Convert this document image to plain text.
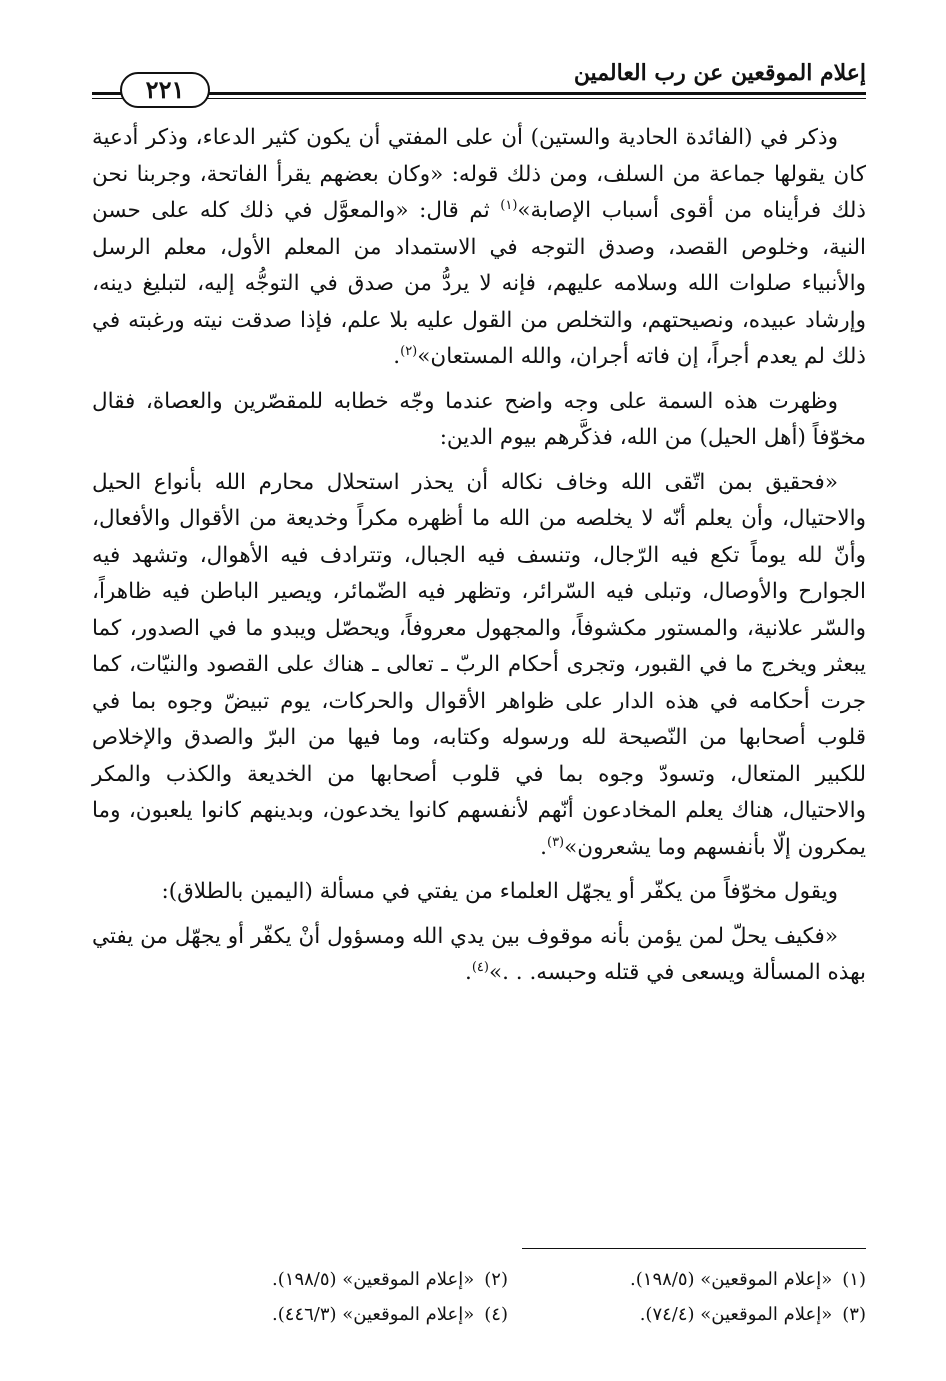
إعلام الموقعين عن رب العالمين
٢٢١

وذكر في (الفائدة الحادية والستين) أن على المفتي أن يكون كثير الدعاء، وذكر أدعية كان يقولها جماعة من السلف، ومن ذلك قوله: «وكان بعضهم يقرأ الفاتحة، وجربنا نحن ذلك فرأيناه من أقوى أسباب الإصابة»$^{(١)}$ ثم قال: «والمعوَّل في ذلك كله على حسن النية، وخلوص القصد، وصدق التوجه في الاستمداد من المعلم الأول، معلم الرسل والأنبياء صلوات الله وسلامه عليهم، فإنه لا يردُّ من صدق في التوجُّه إليه، لتبليغ دينه، وإرشاد عبيده، ونصيحتهم، والتخلص من القول عليه بلا علم، فإذا صدقت نيته ورغبته في ذلك لم يعدم أجراً، إن فاته أجران، والله المستعان»$^{(٢)}$.

وظهرت هذه السمة على وجه واضح عندما وجّه خطابه للمقصّرين والعصاة، فقال مخوّفاً (أهل الحيل) من الله، فذكَّرهم بيوم الدين:

«فحقيق بمن اتّقى الله وخاف نكاله أن يحذر استحلال محارم الله بأنواع الحيل والاحتيال، وأن يعلم أنّه لا يخلصه من الله ما أظهره مكراً وخديعة من الأقوال والأفعال، وأنّ لله يوماً تكع فيه الرّجال، وتنسف فيه الجبال، وتترادف فيه الأهوال، وتشهد فيه الجوارح والأوصال، وتبلى فيه السّرائر، وتظهر فيه الضّمائر، ويصير الباطن فيه ظاهراً، والسّر علانية، والمستور مكشوفاً، والمجهول معروفاً، ويحصّل ويبدو ما في الصدور، كما يبعثر ويخرج ما في القبور، وتجرى أحكام الربّ ـ تعالى ـ هناك على القصود والنيّات، كما جرت أحكامه في هذه الدار على ظواهر الأقوال والحركات، يوم تبيضّ وجوه بما في قلوب أصحابها من النّصيحة لله ورسوله وكتابه، وما فيها من البرّ والصدق والإخلاص للكبير المتعال، وتسودّ وجوه بما في قلوب أصحابها من الخديعة والكذب والمكر والاحتيال، هناك يعلم المخادعون أنّهم لأنفسهم كانوا يخدعون، وبدينهم كانوا يلعبون، وما يمكرون إلّا بأنفسهم وما يشعرون»$^{(٣)}$.

ويقول مخوّفاً من يكفّر أو يجهّل العلماء من يفتي في مسألة (اليمين بالطلاق):

«فكيف يحلّ لمن يؤمن بأنه موقوف بين يدي الله ومسؤول أنْ يكفّر أو يجهّل من يفتي بهذه المسألة ويسعى في قتله وحبسه. . .»$^{(٤)}$.

(١)«إعلام الموقعين» (١٩٨/٥).
(٢)«إعلام الموقعين» (١٩٨/٥).
(٣)«إعلام الموقعين» (٧٤/٤).
(٤)«إعلام الموقعين» (٤٤٦/٣).
